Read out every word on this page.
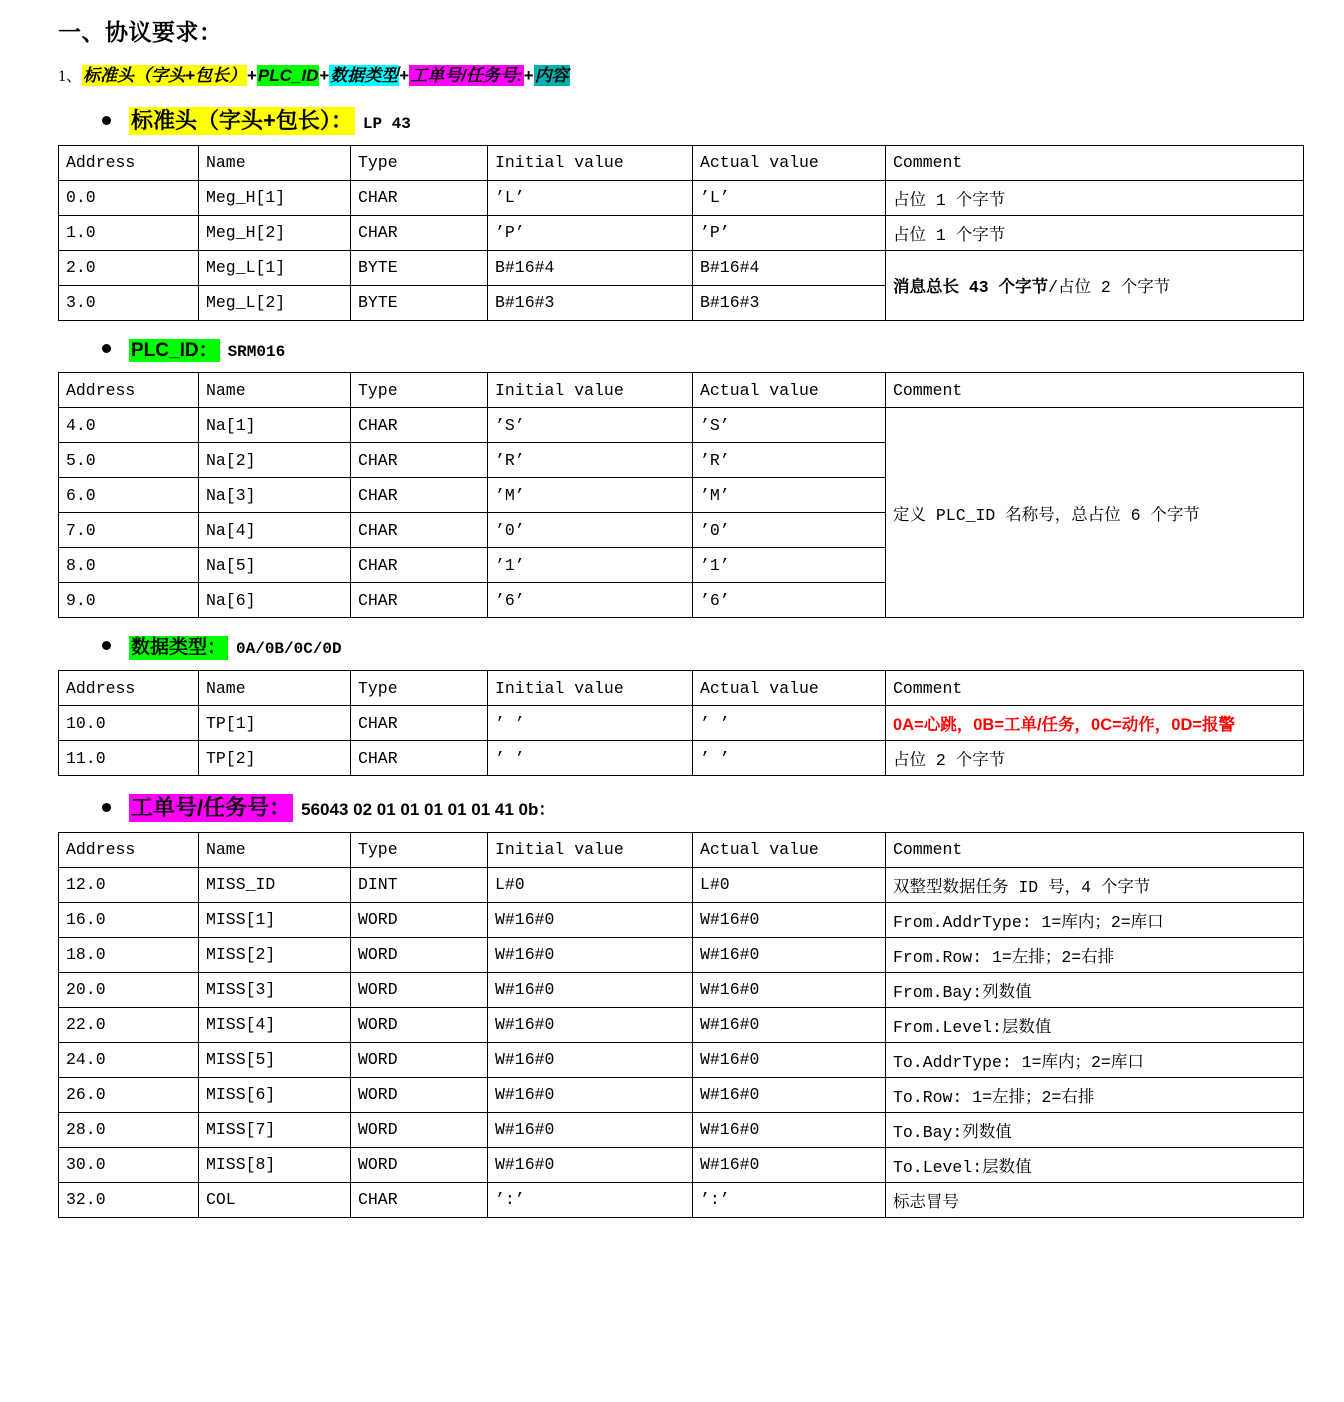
一、协议要求：
1、标准头（字头+包长）+PLC_ID+数据类型+工单号/任务号:+内容
标准头（字头+包长）： LP 43
Address	Name	Type	Initial value	Actual value	Comment
0.0	Meg_H[1]	CHAR	’L’	’L’	占位 1 个字节
1.0	Meg_H[2]	CHAR	’P’	’P’	占位 1 个字节
2.0	Meg_L[1]	BYTE	B#16#4	B#16#4	消息总长 43 个字节/占位 2 个字节
3.0	Meg_L[2]	BYTE	B#16#3	B#16#3	
PLC_ID： SRM016
Address	Name	Type	Initial value	Actual value	Comment
4.0	Na[1]	CHAR	’S’	’S’	定义 PLC_ID 名称号，总占位 6 个字节
5.0	Na[2]	CHAR	’R’	’R’	
6.0	Na[3]	CHAR	’M’	’M’	
7.0	Na[4]	CHAR	’0’	’0’	
8.0	Na[5]	CHAR	’1’	’1’	
9.0	Na[6]	CHAR	’6’	’6’	
数据类型： 0A/0B/0C/0D
Address	Name	Type	Initial value	Actual value	Comment
10.0	TP[1]	CHAR	’ ’	’ ’	0A=心跳，0B=工单/任务，0C=动作，0D=报警
11.0	TP[2]	CHAR	’ ’	’ ’	占位 2 个字节
工单号/任务号： 56043 02 01 01 01 01 01 41 0b：
Address	Name	Type	Initial value	Actual value	Comment
12.0	MISS_ID	DINT	L#0	L#0	双整型数据任务 ID 号，4 个字节
16.0	MISS[1]	WORD	W#16#0	W#16#0	From.AddrType: 1=库内；2=库口
18.0	MISS[2]	WORD	W#16#0	W#16#0	From.Row: 1=左排；2=右排
20.0	MISS[3]	WORD	W#16#0	W#16#0	From.Bay:列数值
22.0	MISS[4]	WORD	W#16#0	W#16#0	From.Level:层数值
24.0	MISS[5]	WORD	W#16#0	W#16#0	To.AddrType: 1=库内；2=库口
26.0	MISS[6]	WORD	W#16#0	W#16#0	To.Row: 1=左排；2=右排
28.0	MISS[7]	WORD	W#16#0	W#16#0	To.Bay:列数值
30.0	MISS[8]	WORD	W#16#0	W#16#0	To.Level:层数值
32.0	COL	CHAR	’:’	’:’	标志冒号
